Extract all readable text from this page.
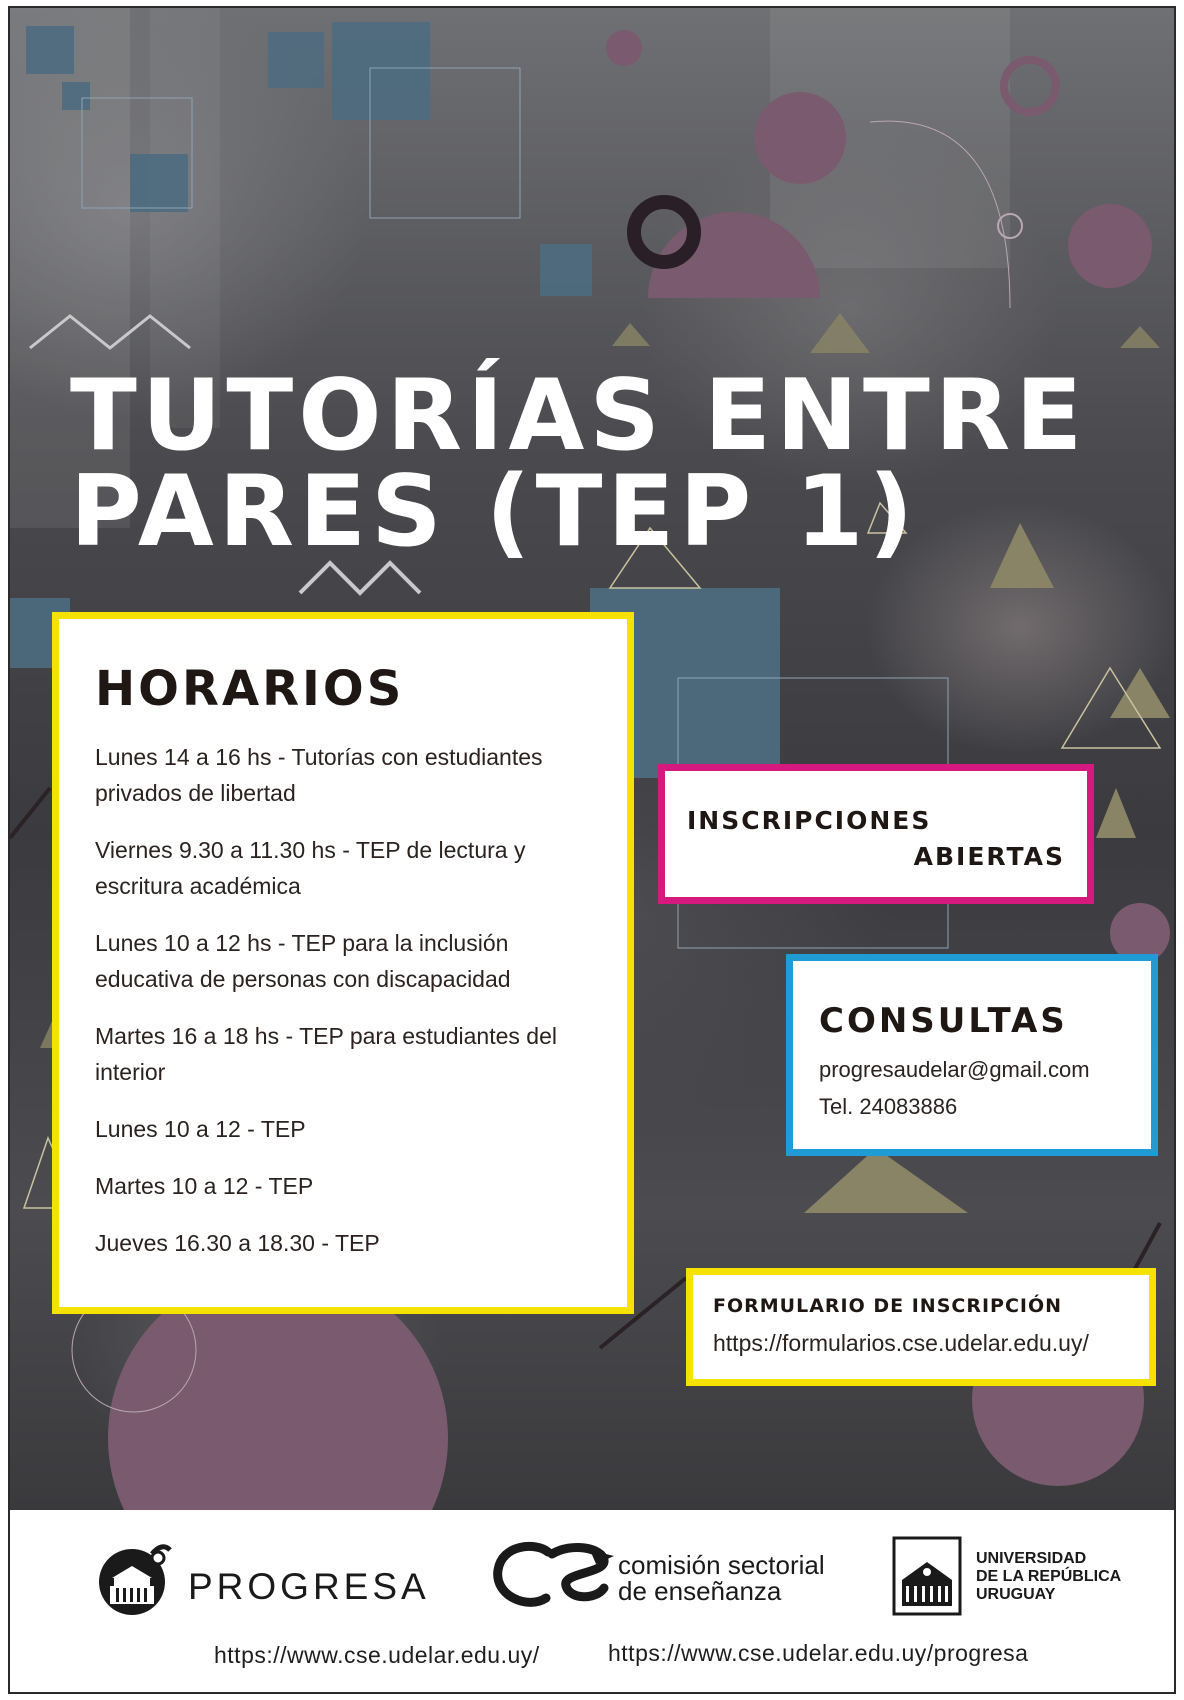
TUTORÍAS ENTRE
PARES (TEP 1)
HORARIOS
Lunes 14 a 16 hs - Tutorías con estudiantes privados de libertad
Viernes 9.30 a 11.30 hs - TEP de lectura y escritura académica
Lunes 10 a 12 hs - TEP para la inclusión educativa de personas con discapacidad
Martes 16 a 18 hs - TEP para estudiantes del interior
Lunes 10 a 12 - TEP
Martes 10 a 12 - TEP
Jueves 16.30 a 18.30 - TEP
INSCRIPCIONES
ABIERTAS
CONSULTAS
progresaudelar@gmail.com
Tel. 24083886
FORMULARIO DE INSCRIPCIÓN
https://formularios.cse.udelar.edu.uy/
PROGRESA
comisión sectorial
de enseñanza
UNIVERSIDAD
DE LA REPÚBLICA
URUGUAY
https://www.cse.udelar.edu.uy/	https://www.cse.udelar.edu.uy/progresa
